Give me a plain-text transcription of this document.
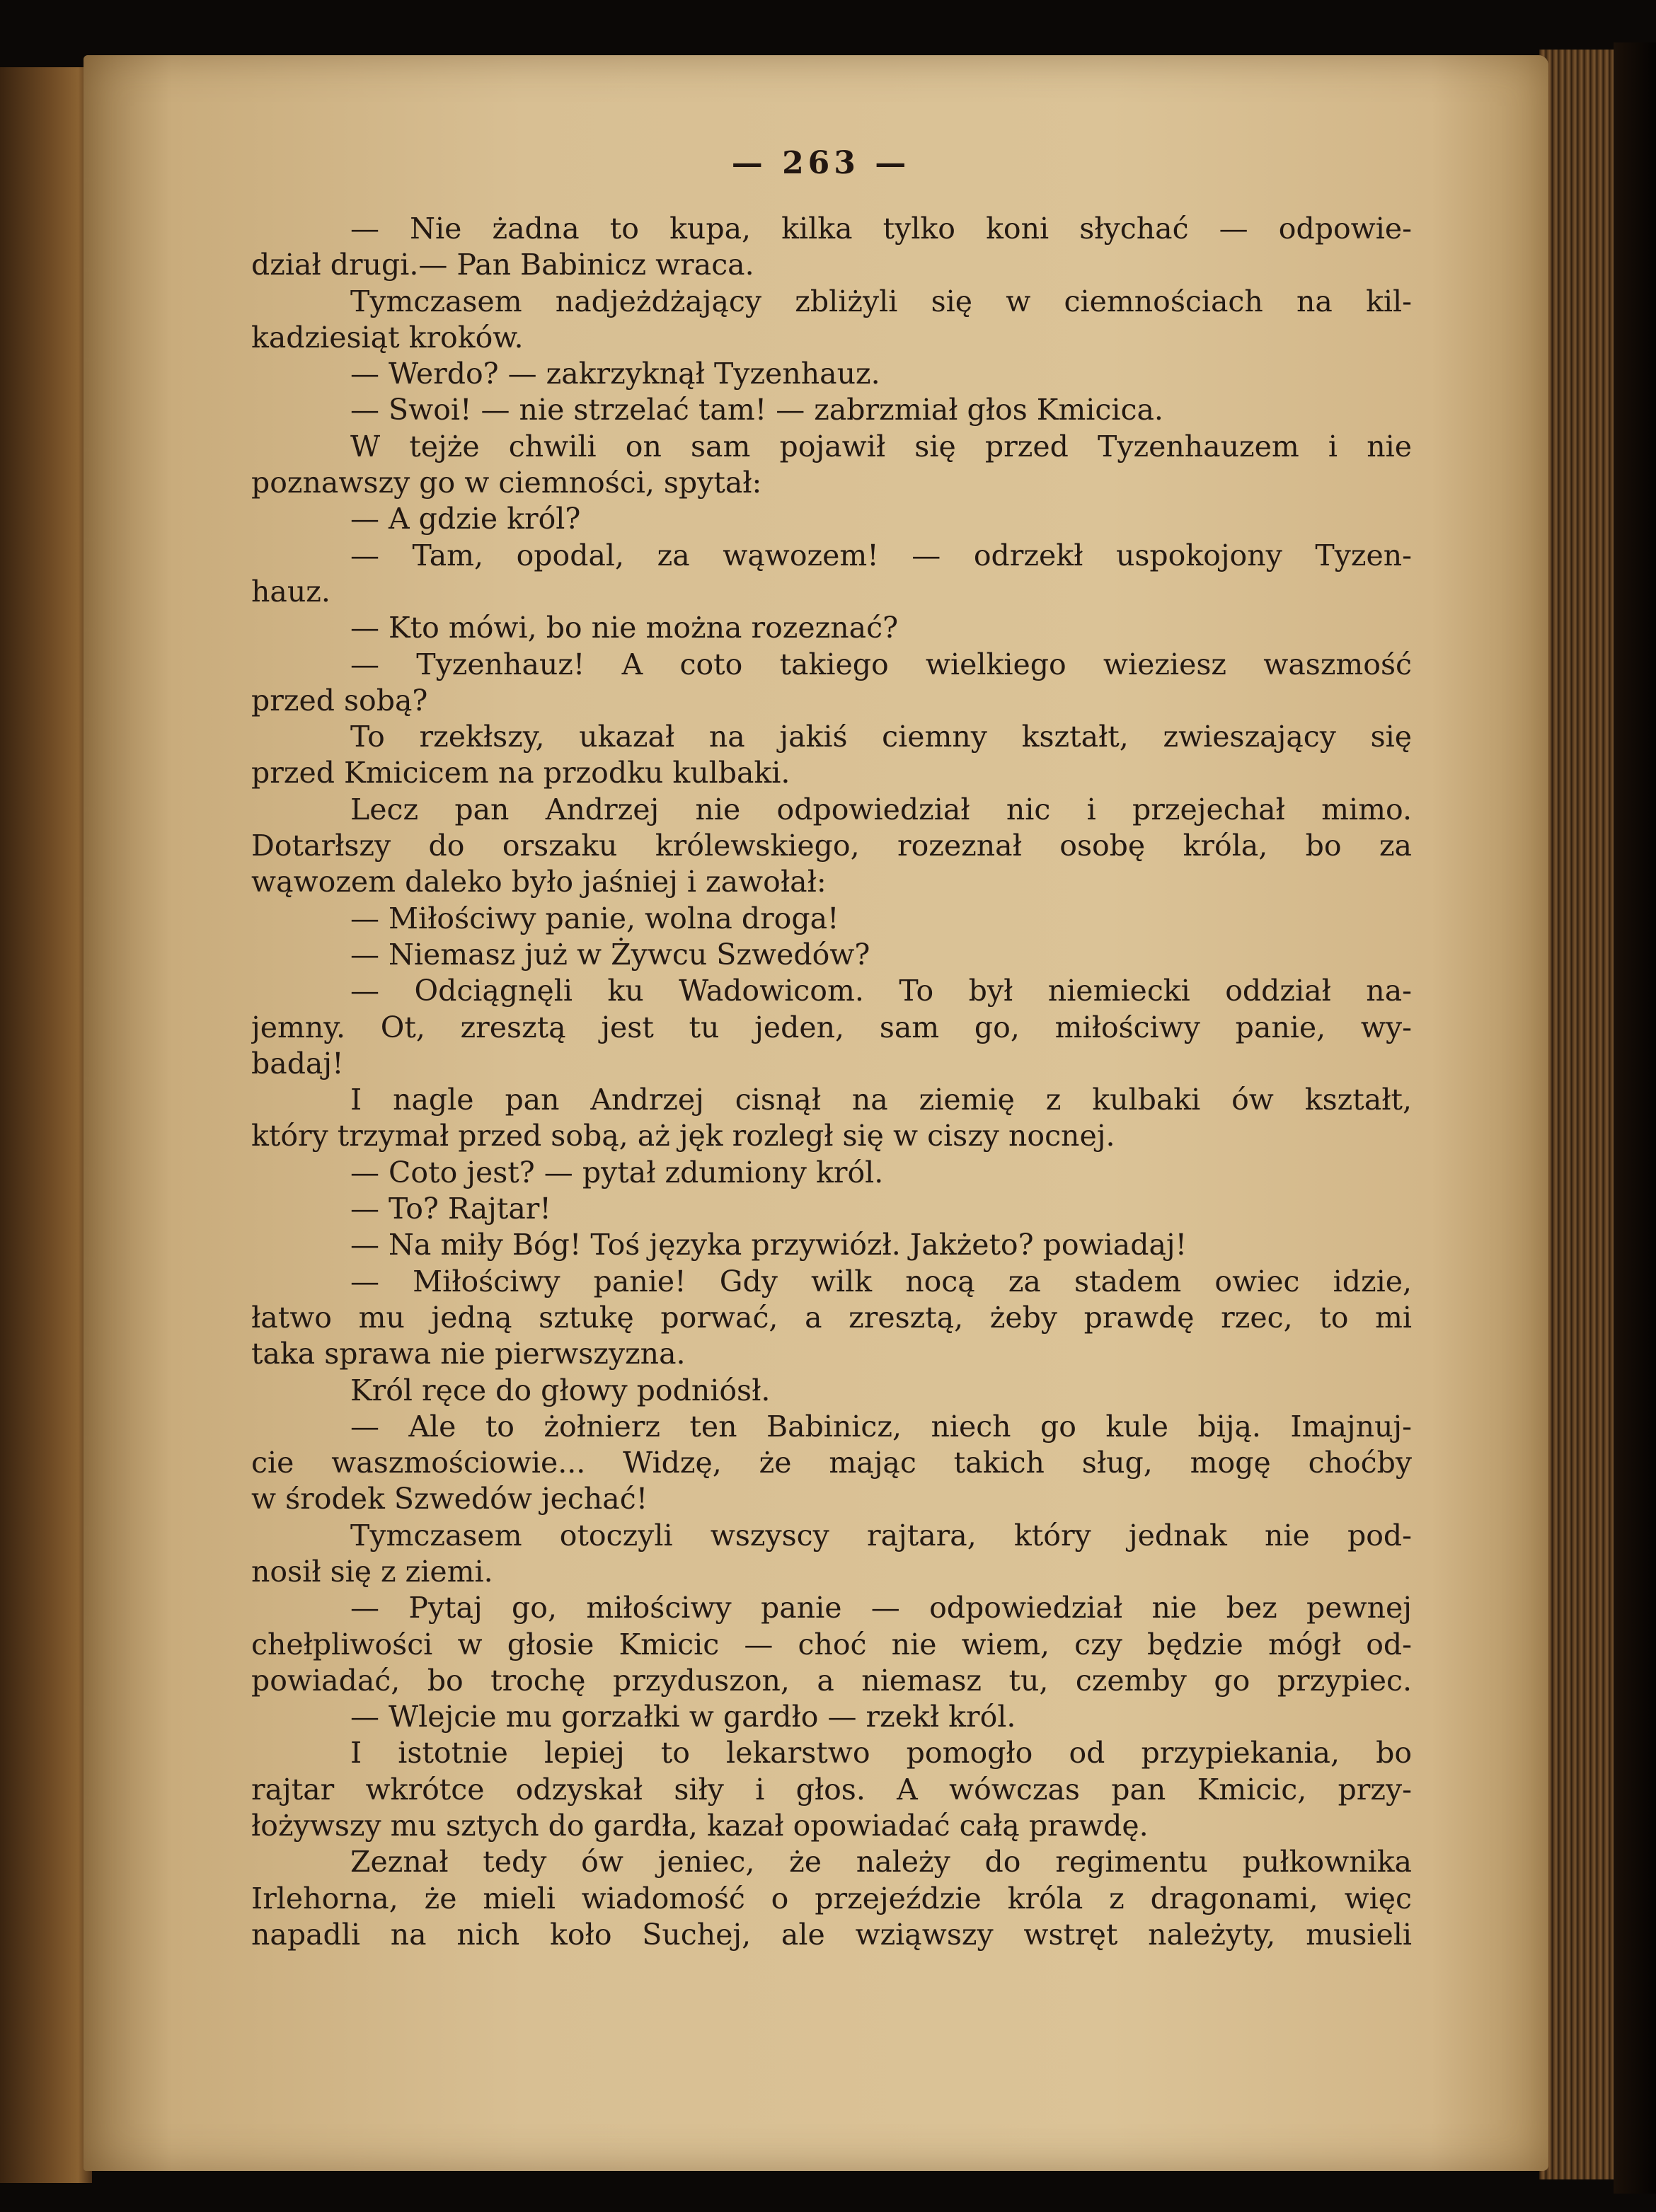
— 263 —
— Nie żadna to kupa, kilka tylko koni słychać — odpowie-
dział drugi.— Pan Babinicz wraca.
Tymczasem nadjeżdżający zbliżyli się w ciemnościach na kil-
kadziesiąt kroków.
— Werdo? — zakrzyknął Tyzenhauz.
— Swoi! — nie strzelać tam! — zabrzmiał głos Kmicica.
W tejże chwili on sam pojawił się przed Tyzenhauzem i nie
poznawszy go w ciemności, spytał:
— A gdzie król?
— Tam, opodal, za wąwozem! — odrzekł uspokojony Tyzen-
hauz.
— Kto mówi, bo nie można rozeznać?
— Tyzenhauz! A coto takiego wielkiego wieziesz waszmość
przed sobą?
To rzekłszy, ukazał na jakiś ciemny kształt, zwieszający się
przed Kmicicem na przodku kulbaki.
Lecz pan Andrzej nie odpowiedział nic i przejechał mimo.
Dotarłszy do orszaku królewskiego, rozeznał osobę króla, bo za
wąwozem daleko było jaśniej i zawołał:
— Miłościwy panie, wolna droga!
— Niemasz już w Żywcu Szwedów?
— Odciągnęli ku Wadowicom. To był niemiecki oddział na-
jemny. Ot, zresztą jest tu jeden, sam go, miłościwy panie, wy-
badaj!
I nagle pan Andrzej cisnął na ziemię z kulbaki ów kształt,
który trzymał przed sobą, aż jęk rozległ się w ciszy nocnej.
— Coto jest? — pytał zdumiony król.
— To? Rajtar!
— Na miły Bóg! Toś języka przywiózł. Jakżeto? powiadaj!
— Miłościwy panie! Gdy wilk nocą za stadem owiec idzie,
łatwo mu jedną sztukę porwać, a zresztą, żeby prawdę rzec, to mi
taka sprawa nie pierwszyzna.
Król ręce do głowy podniósł.
— Ale to żołnierz ten Babinicz, niech go kule biją. Imajnuj-
cie waszmościowie... Widzę, że mając takich sług, mogę choćby
w środek Szwedów jechać!
Tymczasem otoczyli wszyscy rajtara, który jednak nie pod-
nosił się z ziemi.
— Pytaj go, miłościwy panie — odpowiedział nie bez pewnej
chełpliwości w głosie Kmicic — choć nie wiem, czy będzie mógł od-
powiadać, bo trochę przyduszon, a niemasz tu, czemby go przypiec.
— Wlejcie mu gorzałki w gardło — rzekł król.
I istotnie lepiej to lekarstwo pomogło od przypiekania, bo
rajtar wkrótce odzyskał siły i głos. A wówczas pan Kmicic, przy-
łożywszy mu sztych do gardła, kazał opowiadać całą prawdę.
Zeznał tedy ów jeniec, że należy do regimentu pułkownika
Irlehorna, że mieli wiadomość o przejeździe króla z dragonami, więc
napadli na nich koło Suchej, ale wziąwszy wstręt należyty, musieli
